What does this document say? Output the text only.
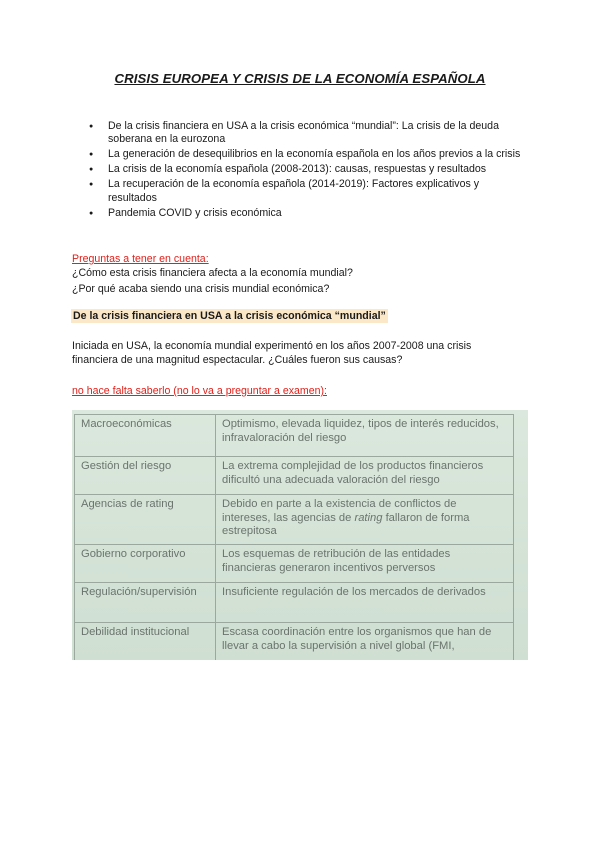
CRISIS EUROPEA Y CRISIS DE LA ECONOMÍA ESPAÑOLA
● De la crisis financiera en USA a la crisis económica “mundial”: La crisis de la deuda soberana en la eurozona
● La generación de desequilibrios en la economía española en los años previos a la crisis
● La crisis de la economía española (2008-2013): causas, respuestas y resultados
● La recuperación de la economía española (2014-2019): Factores explicativos y resultados
● Pandemia COVID y crisis económica
Preguntas a tener en cuenta:
¿Cómo esta crisis financiera afecta a la economía mundial?
¿Por qué acaba siendo una crisis mundial económica?
De la crisis financiera en USA a la crisis económica “mundial”
Iniciada en USA, la economía mundial experimentó en los años 2007-2008 una crisis financiera de una magnitud espectacular. ¿Cuáles fueron sus causas?
no hace falta saberlo (no lo va a preguntar a examen):
Macroeconómicas	Optimismo, elevada liquidez, tipos de interés reducidos, infravaloración del riesgo
Gestión del riesgo	La extrema complejidad de los productos financieros dificultó una adecuada valoración del riesgo
Agencias de rating	Debido en parte a la existencia de conflictos de intereses, las agencias de rating fallaron de forma estrepitosa
Gobierno corporativo	Los esquemas de retribución de las entidades financieras generaron incentivos perversos
Regulación/supervisión	Insuficiente regulación de los mercados de derivados
Debilidad institucional	Escasa coordinación entre los organismos que han de llevar a cabo la supervisión a nivel global (FMI,
